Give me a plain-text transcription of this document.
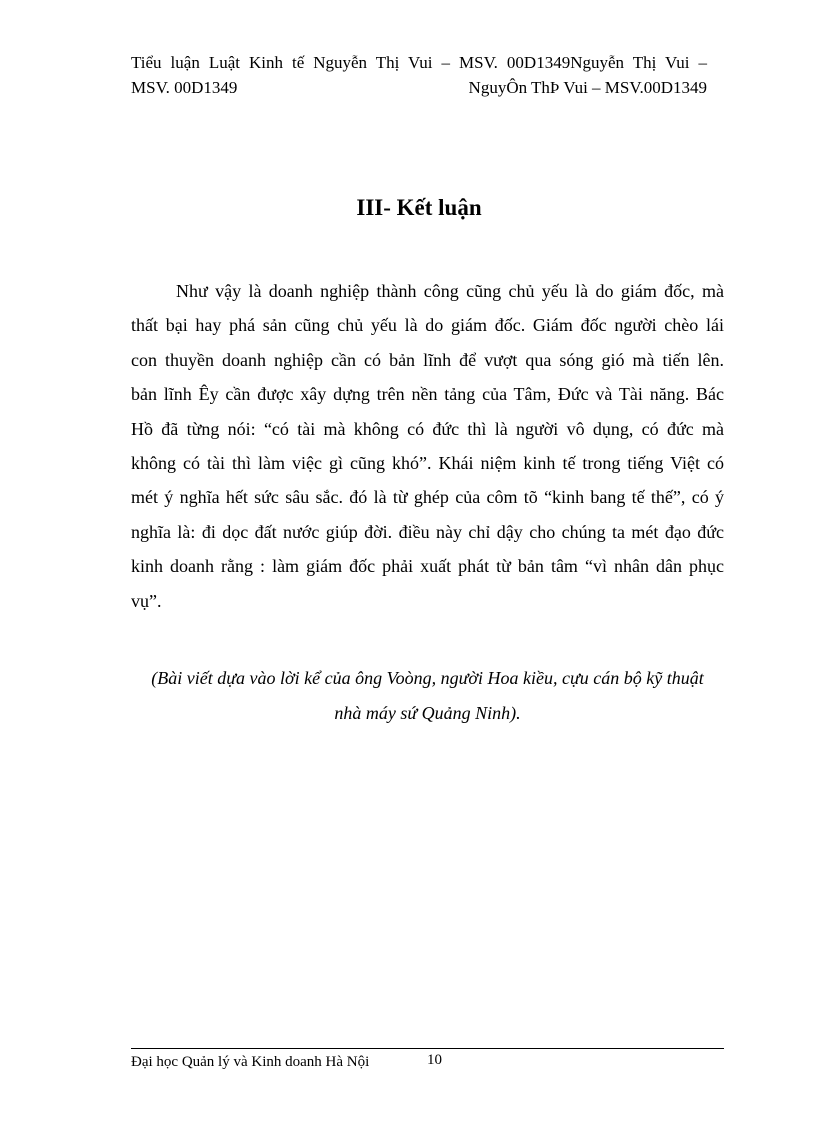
Tiểu luận Luật Kinh tế Nguyễn Thị Vui – MSV. 00D1349Nguyễn Thị Vui –
MSV. 00D1349	NguyÔn ThÞ Vui – MSV.00D1349
III- Kết luận
Như vậy là doanh nghiệp thành công cũng chủ yếu là do giám đốc, mà
thất bại hay phá sản cũng chủ yếu là do giám đốc. Giám đốc người chèo lái
con thuyền doanh nghiệp cần có bản lĩnh để vượt qua sóng gió mà tiến lên.
bản lĩnh Êy cần được xây dựng trên nền tảng của Tâm, Đức và Tài năng. Bác
Hồ đã từng nói: “có tài mà không có đức thì là người vô dụng, có đức mà
không có tài thì làm việc gì cũng khó”. Khái niệm kinh tế trong tiếng Việt có
mét ý nghĩa hết sức sâu sắc. đó là từ ghép của côm tõ “kinh bang tế thế”, có ý
nghĩa là: đi dọc đất nước giúp đời. điều này chỉ dậy cho chúng ta mét đạo đức
kinh doanh rằng : làm giám đốc phải xuất phát từ bản tâm “vì nhân dân phục
vụ”.
(Bài viết dựa vào lời kể của ông Voòng, người Hoa kiều, cựu cán bộ kỹ thuật
nhà máy sứ Quảng Ninh).
Đại học Quản lý và Kinh doanh Hà Nội	10
